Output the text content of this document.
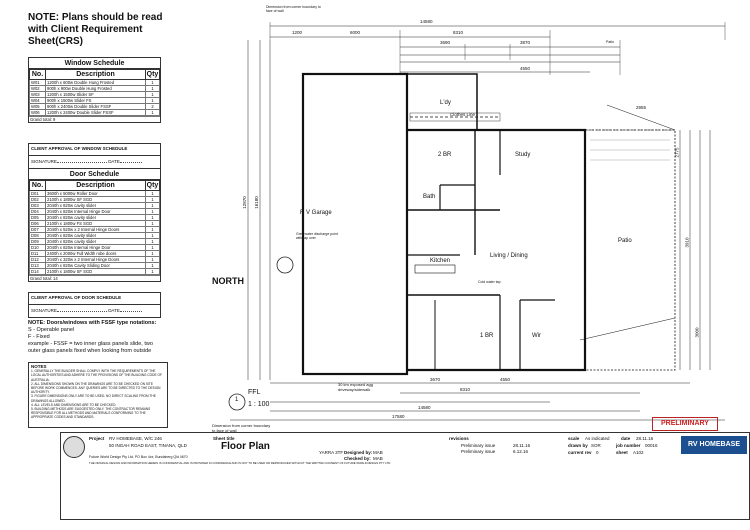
NOTE: Plans should be read with Client Requirement Sheet(CRS)
Window Schedule
No.	Description	Qty
W01	1200h x 600w Double Hung Frosted	1
W02	900h x 900w Double Hung Frosted	1
W03	1200h x 1500w Slider SF	1
W04	900h x 1500w Slider FS	1
W05	900h x 2400w Double Slider FSSF	2
W06	1200h x 2400w Double Slider FSSF	1
Grand total: 9
CLIENT APPROVAL OF WINDOW SCHEDULE
SIGNATURE	DATE
Door Schedule
No.	Description	Qty
D01	3600h x 5000w Roller Door	1
D02	2100h x 1800w SF SGD	1
D03	2040h x 820w cavity slider	1
D04	2040h x 820w Internal Hinge Door	1
D05	2040h x 820w cavity slider	1
D06	2100h x 1800w FS SGD	1
D07	2040h x 520w x 2 Internal Hinge Doors	1
D08	2040h x 820w cavity slider	1
D09	2040h x 820w cavity slider	1
D10	2040h x 820w Internal Hinge Door	1
D11	2400h x 2000w Full Width robe doors	1
D12	2040h x 320w x 2 Internal Hinge Doors	1
D13	2040h x 820w Cavity Sliding Door	1
D14	2100h x 1800w SF SGD	1
Grand total: 14
CLIENT APPROVAL OF DOOR SCHEDULE
SIGNATURE	DATE
NOTE: Doors/windows with FSSF type notations:
S - Operable panel
F - Fixed
example - FSSF = two inner glass panels slide, two
outer glass panels fixed when looking from outside
NOTES
1. GENERALLY THE BUILDER SHALL COMPLY WITH THE REQUIREMENTS OF THE LOCAL AUTHORITIES AND ADHERE TO THE PROVISIONS OF THE BUILDING CODE OF AUSTRALIA.
2. ALL DIMENSIONS SHOWN ON THE DRAWINGS ARE TO BE CHECKED ON SITE BEFORE WORK COMMENCES. ANY QUERIES ARE TO BE DIRECTED TO THE DESIGN AUTHORITY.
3. FIGURE DIMENSIONS ONLY ARE TO BE USED. NO DIRECT SCALING FROM THE DRAWINGS ALLOWED.
4. ALL LEVELS AND DIMENSIONS ARE TO BE CHECKED.
5. BUILDING METHODS ARE SUGGESTED ONLY. THE CONTRACTOR REMAINS RESPONSIBLE FOR ALL METHODS AND MATERIALS CONFORMING TO THE APPROPRIATE CODES AND STANDARDS.
14580
1200	6000	8310
3690	3870
4550
2955
Dimension from corner boundary to face of wall
Patio
L'dy
R V Garage
2 BR	Study
Bath
Kitchen
Living / Dining
Patio
1 BR	Wir
Clothes Line
Cold water tap
Grey water discharge point with tap over
30 km exposed agg driveway/sidewalk
Dimension from corner boundary to face of wall
NORTH
1
FFL
1 : 100
3670	4550
8310
14580
17580
12870 16180
2775
3910
3000
PRELIMINARY
Project RV HOMEBASE, W/C 246
50 INGAH ROAD EAST, TINANA, QLD
Future World Design Pty Ltd, PO Box 4xx, Bundaberg Qld 4670
Sheet title
Floor Plan
YARRA 3TF Designed by: MAB
Checked by: MAB
revisions
Preliminary issue	28.11.16
Preliminary issue	6.12.16
scale As indicated	date 28.11.16
drawn by SOR	job number 00016
current rev 0	sheet A102
RV HOMEBASE
THE ORIGINAL DESIGN AND INFORMATION HEREIN IS CONFIDENTIAL AND IS PROVIDED IN CONFIDENCE AND IS NOT TO BE USED OR REPRODUCED WITHOUT THE WRITTEN CONSENT OF FUTURE WORLD DESIGN PTY LTD
